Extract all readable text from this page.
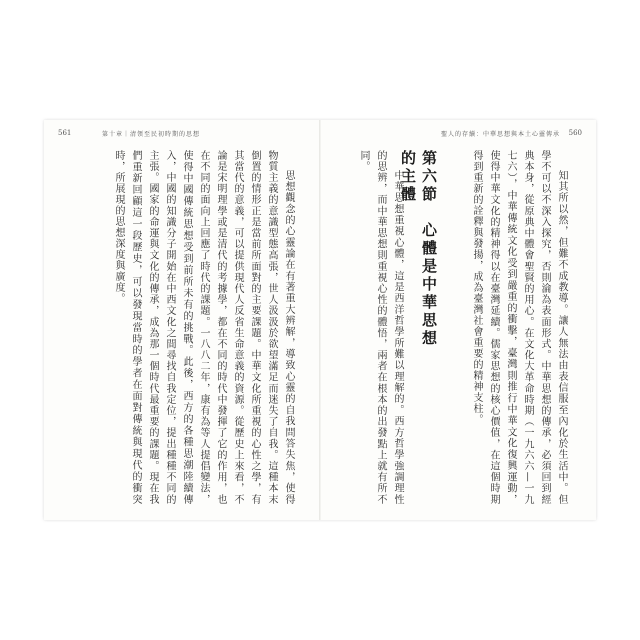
561	第十章｜清領至民初時期的思想

思想觀念的心靈論在有著重大辨解，導致心靈的自我問答失焦，使得物質主義的意識型態高張，世人汲汲於欲望滿足而迷失了自我。這種本末倒置的情形正是當前所面對的主要課題。中華文化所重視的心性之學，有其當代的意義，可以提供現代人反省生命意義的資源。從歷史上來看，不論是宋明理學或是清代的考據學，都在不同的時代中發揮了它的作用，也在不同的面向上回應了時代的課題。一八八二年，康有為等人提倡變法，使得中國傳統思想受到前所未有的挑戰。此後，西方的各種思潮陸續傳入，中國的知識分子開始在中西文化之間尋找自我定位，提出種種不同的主張。國家的命運與文化的傳承，成為那一個時代最重要的課題。現在我們重新回顧這一段歷史，可以發現當時的學者在面對傳統與現代的衝突時，所展現的思想深度與廣度。

560
聖人的存續：中華思想與本土心靈傳承

知其所以然，但難不成教導。讓人無法由表信服至內化於生活中。但學不可以不深入探究，否則淪為表面形式。中華思想的傳承，必須回到經典本身，從原典中體會聖賢的用心。在文化大革命時期（一九六六—一九七六），中華傳統文化受到嚴重的衝擊，臺灣則推行中華文化復興運動，使得中華文化的精神得以在臺灣延續。儒家思想的核心價值，在這個時期得到重新的詮釋與發揚，成為臺灣社會重要的精神支柱。

第六節　心體是中華思想的主體

中華思想重視心體，這是西洋哲學所難以理解的。西方哲學強調理性的思辨，而中華思想則重視心性的體悟，兩者在根本的出發點上就有所不同。
